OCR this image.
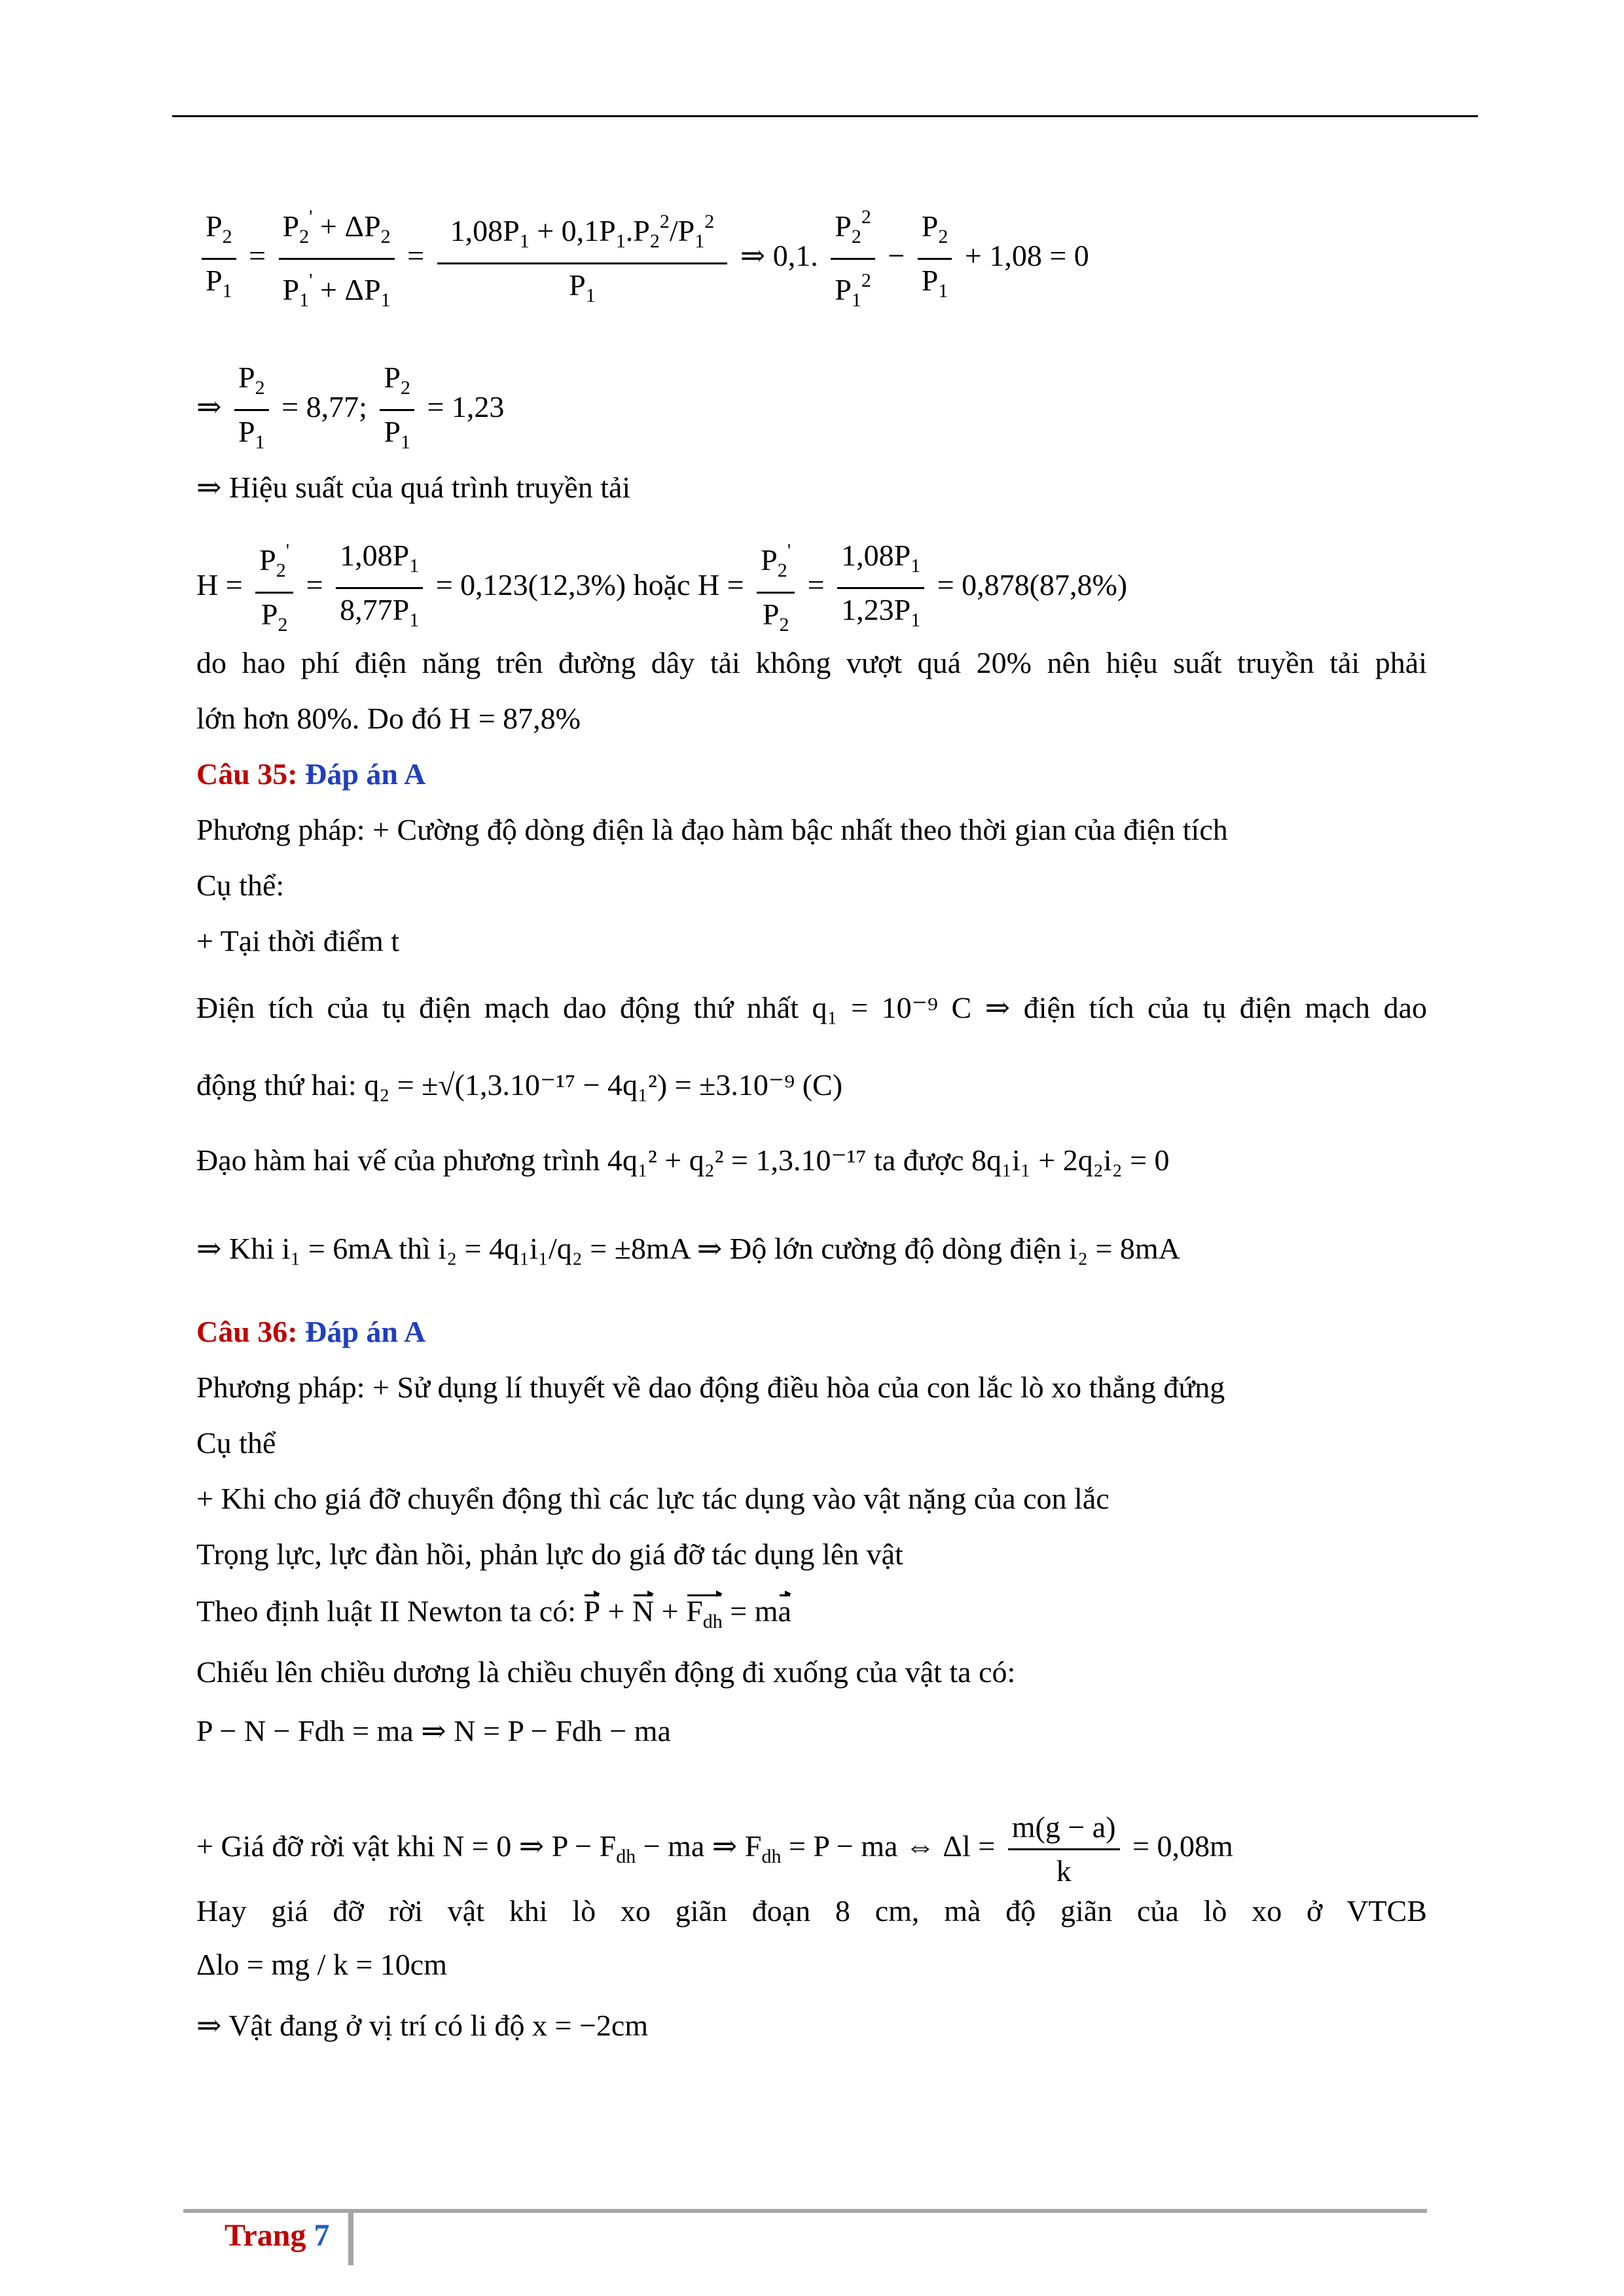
$\frac{P_2}{P_1} = \frac{P_2' + \Delta P_2}{P_1' + \Delta P_1} = \frac{1,08P_1 + 0,1P_1.P_2^2/P_1^2}{P_1}$ ⇒ 0,1. $\frac{P_2^2}{P_1^2} - \frac{P_2}{P_1} + 1,08 = 0$
⇒ $\frac{P_2}{P_1} = 8,77$; $\frac{P_2}{P_1} = 1,23$
⇒ Hiệu suất của quá trình truyền tải
$H = \frac{P_2'}{P_2} = \frac{1,08P_1}{8,77P_1} = 0,123(12,3\%)$ hoặc $H = \frac{P_2'}{P_2} = \frac{1,08P_1}{1,23P_1} = 0,878(87,8\%)$
do hao phí điện năng trên đường dây tải không vượt quá 20% nên hiệu suất truyền tải phải
lớn hơn 80%. Do đó H = 87,8%
Câu 35: Đáp án A
Phương pháp: + Cường độ dòng điện là đạo hàm bậc nhất theo thời gian của điện tích
Cụ thể:
+ Tại thời điểm t
Điện tích của tụ điện mạch dao động thứ nhất q₁ = 10⁻⁹ C ⇒ điện tích của tụ điện mạch dao
động thứ hai: q₂ = ±√(1,3.10⁻¹⁷ − 4q₁²) = ±3.10⁻⁹ (C)
Đạo hàm hai vế của phương trình 4q₁² + q₂² = 1,3.10⁻¹⁷ ta được 8q₁i₁ + 2q₂i₂ = 0
⇒ Khi i₁ = 6mA thì i₂ = 4q₁i₁/q₂ = ±8mA ⇒ Độ lớn cường độ dòng điện i₂ = 8mA
Câu 36: Đáp án A
Phương pháp: + Sử dụng lí thuyết về dao động điều hòa của con lắc lò xo thẳng đứng
Cụ thể
+ Khi cho giá đỡ chuyển động thì các lực tác dụng vào vật nặng của con lắc
Trọng lực, lực đàn hồi, phản lực do giá đỡ tác dụng lên vật
Theo định luật II Newton ta có: $P + N + F_{dh}$ = ma
Chiếu lên chiều dương là chiều chuyển động đi xuống của vật ta có:
P − N − Fdh = ma ⇒ N = P − Fdh − ma
+ Giá đỡ rời vật khi N = 0
⇒ $P - F_{dh}$ − ma ⇒ $F_{dh} = P$ − ma ⇔ $\Delta l = \frac{m(g - a)}{k} = 0,08m$
Hay giá đỡ rời vật khi lò xo giãn đoạn 8 cm, mà độ giãn của lò xo ở VTCB
Δlo = mg / k = 10cm
⇒ Vật đang ở vị trí có li độ x = −2cm
Trang 7
